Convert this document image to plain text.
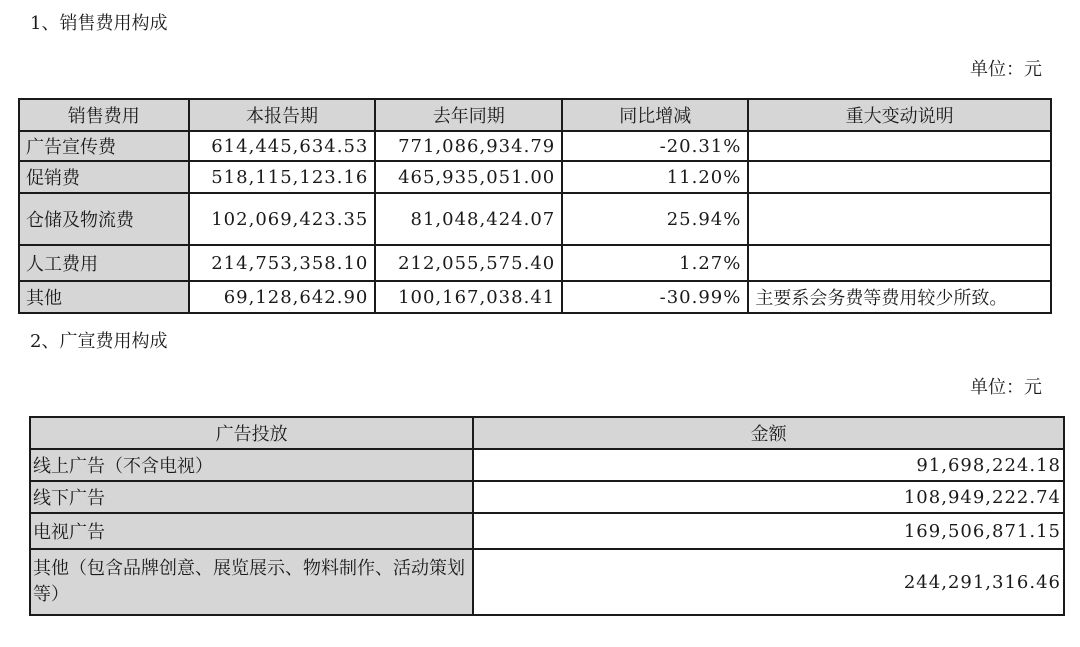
1、销售费用构成
单位：元
销售费用	本报告期	去年同期	同比增减	重大变动说明
广告宣传费	614,445,634.53	771,086,934.79	-20.31%	
促销费	518,115,123.16	465,935,051.00	11.20%	
仓储及物流费	102,069,423.35	81,048,424.07	25.94%	
人工费用	214,753,358.10	212,055,575.40	1.27%	
其他	69,128,642.90	100,167,038.41	-30.99%	主要系会务费等费用较少所致。
2、广宣费用构成
单位：元
广告投放	金额
线上广告（不含电视）	91,698,224.18
线下广告	108,949,222.74
电视广告	169,506,871.15
其他（包含品牌创意、展览展示、物料制作、活动策划等）	244,291,316.46
